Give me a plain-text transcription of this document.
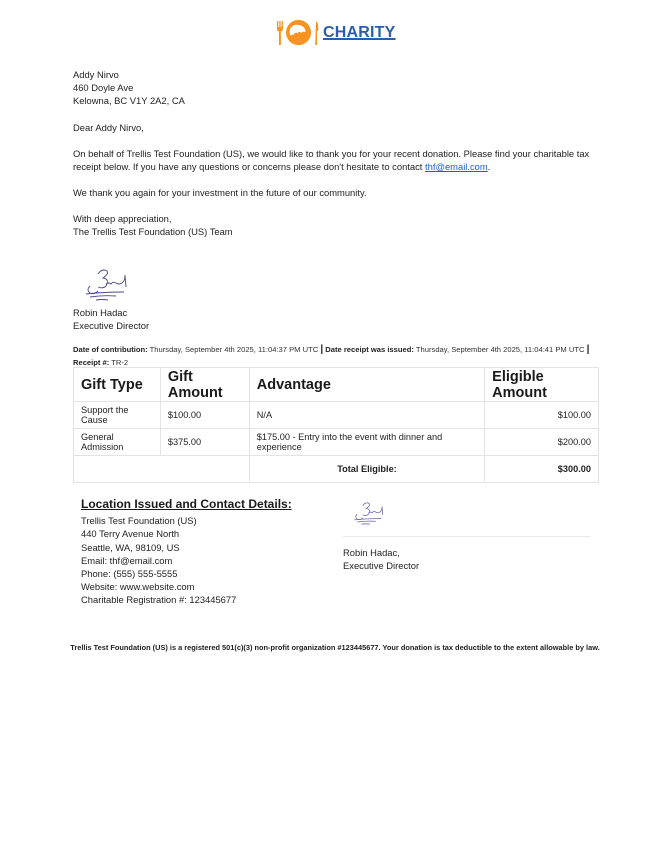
CHARITY
Addy Nirvo
460 Doyle Ave
Kelowna, BC V1Y 2A2, CA
Dear Addy Nirvo,
On behalf of Trellis Test Foundation (US), we would like to thank you for your recent donation. Please find your charitable tax receipt below. If you have any questions or concerns please don't hesitate to contact thf@email.com.
We thank you again for your investment in the future of our community.
With deep appreciation,
The Trellis Test Foundation (US) Team
Robin Hadac
Executive Director
Date of contribution: Thursday, September 4th 2025, 11:04:37 PM UTC | Date receipt was issued: Thursday, September 4th 2025, 11:04:41 PM UTC | Receipt #: TR-2
Gift Type	Gift Amount	Advantage	Eligible Amount
Support the Cause	$100.00	N/A	$100.00
General Admission	$375.00	$175.00 - Entry into the event with dinner and experience	$200.00
		Total Eligible:	$300.00
Location Issued and Contact Details:
Trellis Test Foundation (US)
440 Terry Avenue North
Seattle, WA, 98109, US
Email: thf@email.com
Phone: (555) 555-5555
Website: www.website.com
Charitable Registration #: 123445677
Robin Hadac,
Executive Director
Trellis Test Foundation (US) is a registered 501(c)(3) non-profit organization #123445677. Your donation is tax deductible to the extent allowable by law.
